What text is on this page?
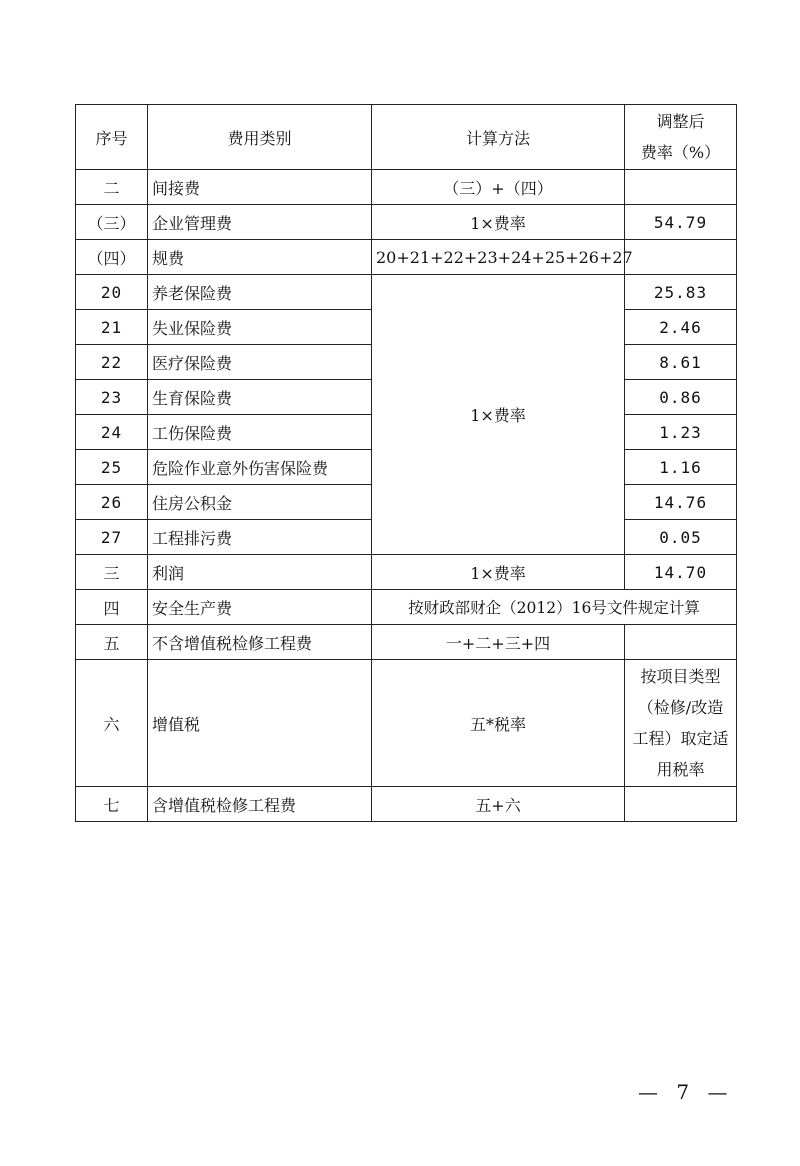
序号	费用类别	计算方法	调整后
费率（%）

二	间接费	（三）+（四）	
（三）	企业管理费	1×费率	54.79
（四）	规费	20+21+22+23+24+25+26+27	
20	养老保险费	1×费率	25.83
21	失业保险费		2.46
22	医疗保险费		8.61
23	生育保险费		0.86
24	工伤保险费		1.23
25	危险作业意外伤害保险费		1.16
26	住房公积金		14.76
27	工程排污费		0.05
三	利润	1×费率	14.70
四	安全生产费	按财政部财企（2012）16号文件规定计算	
五	不含增值税检修工程费	一+二+三+四	
六	增值税	五*税率	按项目类型
（检修/改造
工程）取定适
用税率

七	含增值税检修工程费	五+六	
— 7 —
